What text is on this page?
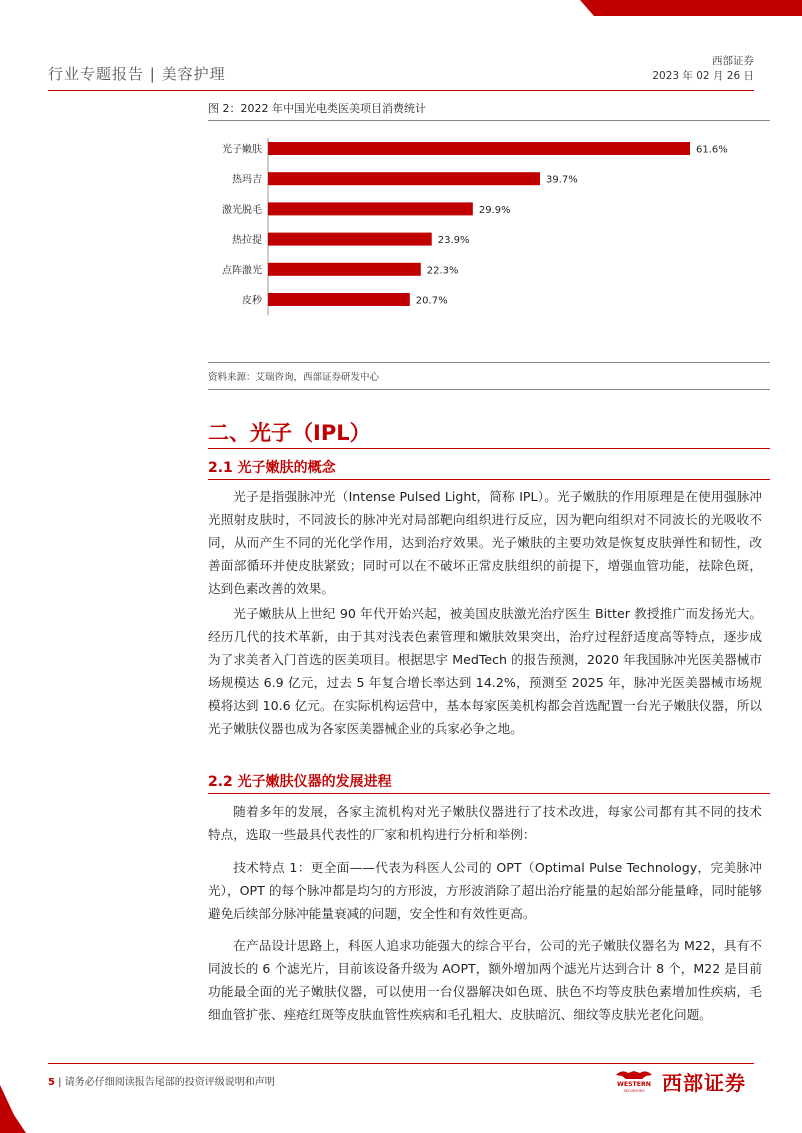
行业专题报告 | 美容护理
西部证券
2023 年 02 月 26 日
图 2：2022 年中国光电类医美项目消费统计
光子嫩肤	61.6%
热玛吉	39.7%
激光脱毛	29.9%
热拉提	23.9%
点阵激光	22.3%
皮秒	20.7%
资料来源：艾瑞咨询，西部证券研发中心
二、光子（IPL）
2.1 光子嫩肤的概念
光子是指强脉冲光（Intense Pulsed Light，简称 IPL）。光子嫩肤的作用原理是在使用强脉冲光照射皮肤时，不同波长的脉冲光对局部靶向组织进行反应，因为靶向组织对不同波长的光吸收不同，从而产生不同的光化学作用，达到治疗效果。光子嫩肤的主要功效是恢复皮肤弹性和韧性，改善面部循环并使皮肤紧致；同时可以在不破坏正常皮肤组织的前提下，增强血管功能，祛除色斑，达到色素改善的效果。
光子嫩肤从上世纪 90 年代开始兴起，被美国皮肤激光治疗医生 Bitter 教授推广而发扬光大。经历几代的技术革新，由于其对浅表色素管理和嫩肤效果突出，治疗过程舒适度高等特点，逐步成为了求美者入门首选的医美项目。根据思宇 MedTech 的报告预测，2020 年我国脉冲光医美器械市场规模达 6.9 亿元，过去 5 年复合增长率达到 14.2%，预测至 2025 年，脉冲光医美器械市场规模将达到 10.6 亿元。在实际机构运营中，基本每家医美机构都会首选配置一台光子嫩肤仪器，所以光子嫩肤仪器也成为各家医美器械企业的兵家必争之地。
2.2 光子嫩肤仪器的发展进程
随着多年的发展，各家主流机构对光子嫩肤仪器进行了技术改进，每家公司都有其不同的技术特点，选取一些最具代表性的厂家和机构进行分析和举例：
技术特点 1：更全面——代表为科医人公司的 OPT（Optimal Pulse Technology，完美脉冲光），OPT 的每个脉冲都是均匀的方形波，方形波消除了超出治疗能量的起始部分能量峰，同时能够避免后续部分脉冲能量衰减的问题，安全性和有效性更高。
在产品设计思路上，科医人追求功能强大的综合平台，公司的光子嫩肤仪器名为 M22，具有不同波长的 6 个滤光片，目前该设备升级为 AOPT，额外增加两个滤光片达到合计 8 个，M22 是目前功能最全面的光子嫩肤仪器，可以使用一台仪器解决如色斑、肤色不均等皮肤色素增加性疾病，毛细血管扩张、痤疮红斑等皮肤血管性疾病和毛孔粗大、皮肤暗沉、细纹等皮肤光老化问题。
5 | 请务必仔细阅读报告尾部的投资评级说明和声明	WESTERN
SECURITIES 西部证券
